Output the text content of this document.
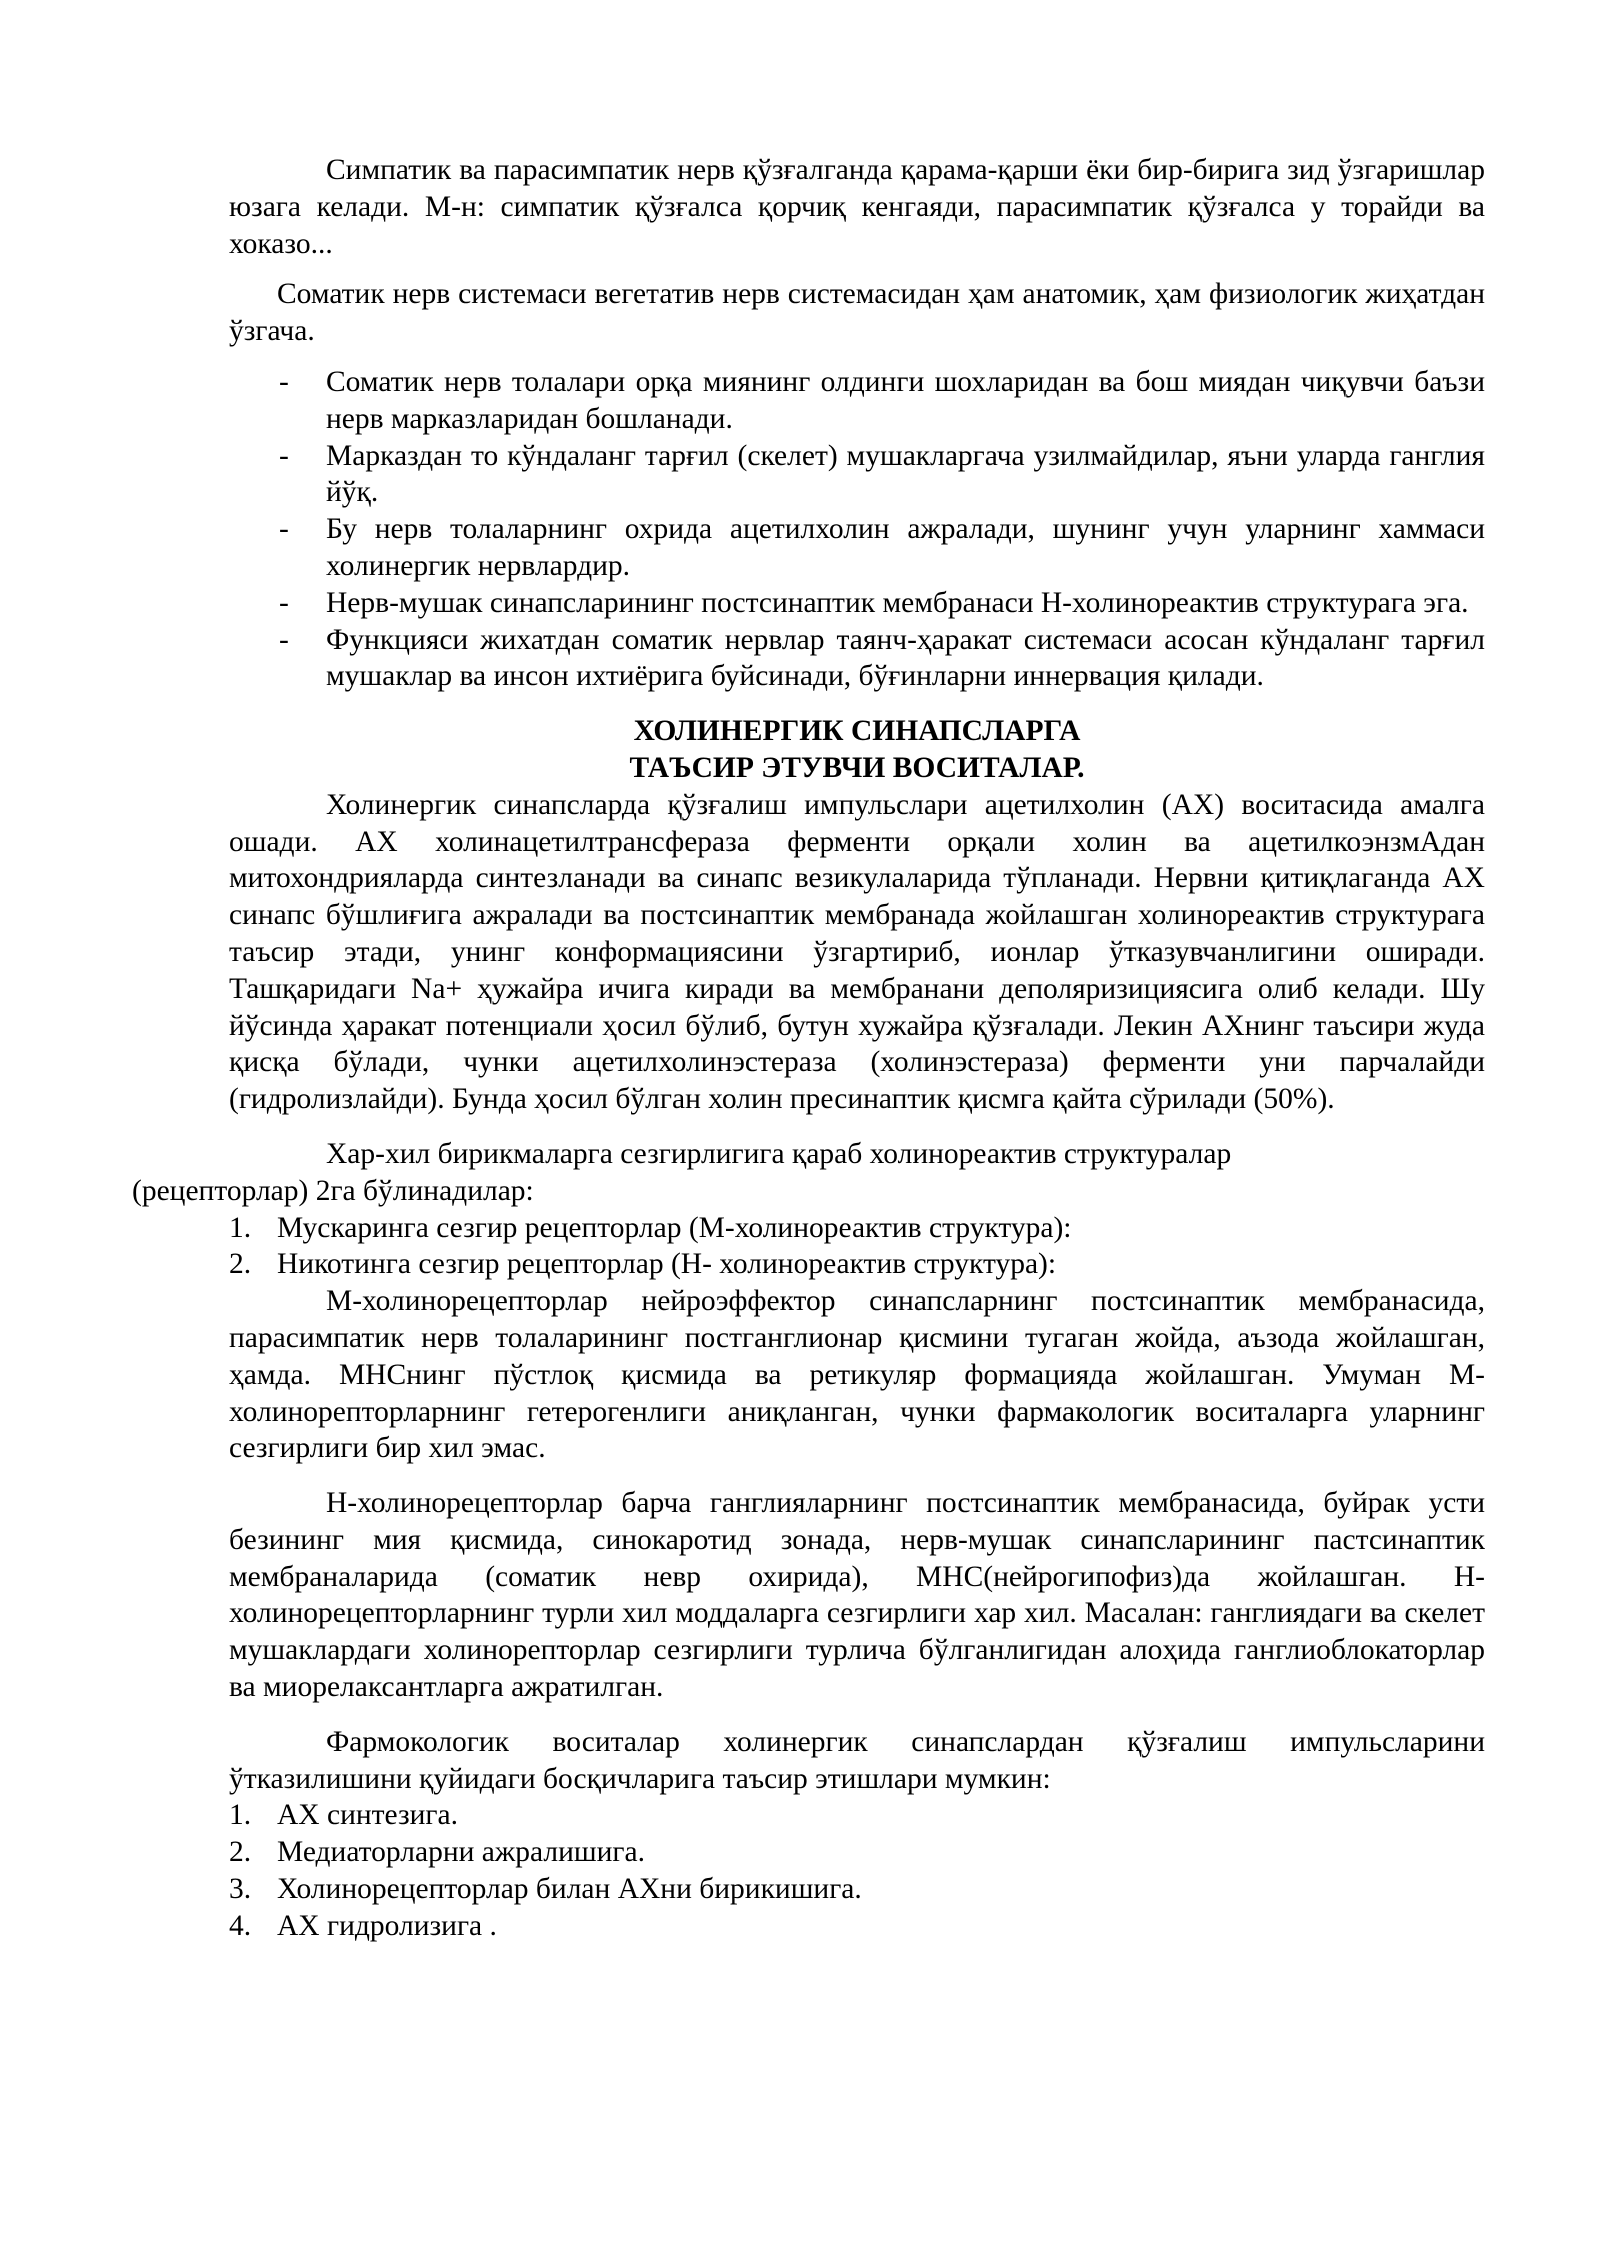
Симпатик ва парасимпатик нерв қўзғалганда қарама-қарши ёки бир-бирига зид ўзгаришлар юзага келади. М-н: симпатик қўзғалса қорчиқ кенгаяди, парасимпатик қўзғалса у торайди ва хоказо...

Соматик нерв системаси вегетатив нерв системасидан ҳам анатомик, ҳам физиологик жиҳатдан ўзгача.

- Соматик нерв толалари орқа миянинг олдинги шохларидан ва бош миядан чиқувчи баъзи нерв марказларидан бошланади.
- Марказдан то кўндаланг тарғил (скелет) мушакларгача узилмайдилар, яъни уларда ганглия йўқ.
- Бу нерв толаларнинг охрида ацетилхолин ажралади, шунинг учун уларнинг хаммаси холинергик нервлардир.
- Нерв-мушак синапсларининг постсинаптик мембранаси Н-холинореактив структурага эга.
- Функцияси жихатдан соматик нервлар таянч-ҳаракат системаси асосан кўндаланг тарғил мушаклар ва инсон ихтиёрига буйсинади, бўғинларни иннервация қилади.
ХОЛИНЕРГИК СИНАПСЛАРГА
ТАЪСИР ЭТУВЧИ ВОСИТАЛАР.

Холинергик синапсларда қўзғалиш импульслари ацетилхолин (АХ) воситасида амалга ошади. АХ холинацетилтрансфераза ферменти орқали холин ва ацетилкоэнзмАдан митохондрияларда синтезланади ва синапс везикулаларида тўпланади. Нервни қитиқлаганда АХ синапс бўшлиғига ажралади ва постсинаптик мембранада жойлашган холинореактив структурага таъсир этади, унинг конформациясини ўзгартириб, ионлар ўтказувчанлигини оширади. Ташқаридаги Na+ ҳужайра ичига киради ва мембранани деполяризициясига олиб келади. Шу йўсинда ҳаракат потенциали ҳосил бўлиб, бутун хужайра қўзғалади. Лекин АХнинг таъсири жуда қисқа бўлади, чунки ацетилхолинэстераза (холинэстераза) ферменти уни парчалайди (гидролизлайди). Бунда ҳосил бўлган холин пресинаптик қисмга қайта сўрилади (50%).

Хар-хил бирикмаларга сезгирлигига қараб холинореактив структуралар
(рецепторлар) 2га бўлинадилар:

1. Мускаринга сезгир рецепторлар (М-холинореактив структура):
2. Никотинга сезгир рецепторлар (Н- холинореактив структура):

М-холинорецепторлар нейроэффектор синапсларнинг постсинаптик мембранасида, парасимпатик нерв толаларининг постганглионар қисмини тугаган жойда, аъзода жойлашган, ҳамда. МНСнинг пўстлоқ қисмида ва ретикуляр формацияда жойлашган. Умуман М-холинорепторларнинг гетерогенлиги аниқланган, чунки фармакологик воситаларга уларнинг сезгирлиги бир хил эмас.

Н-холинорецепторлар барча ганглияларнинг постсинаптик мембранасида, буйрак усти безининг мия қисмида, синокаротид зонада, нерв-мушак синапсларининг пастсинаптик мембраналарида (соматик невр охирида), МНС(нейрогипофиз)да жойлашган. Н-холинорецепторларнинг турли хил моддаларга сезгирлиги хар хил. Масалан: ганглиядаги ва скелет мушаклардаги холинорепторлар сезгирлиги турлича бўлганлигидан алоҳида ганглиоблокаторлар ва миорелаксантларга ажратилган.

Фармокологик воситалар холинергик синапслардан қўзғалиш импульсларини ўтказилишини қуйидаги босқичларига таъсир этишлари мумкин:

1. АХ синтезига.
2. Медиаторларни ажралишига.
3. Холинорецепторлар билан АХни бирикишига.
4. АХ гидролизига .
